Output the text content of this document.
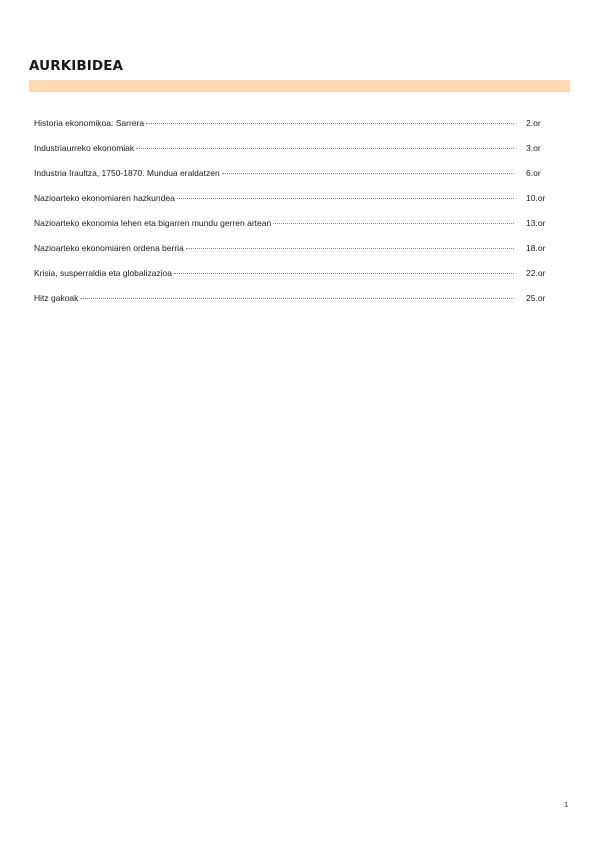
AURKIBIDEA
Historia ekonomikoa: Sarrera	2.or
Industriaurreko ekonomiak	3.or
Industria Iraultza, 1750-1870. Mundua eraldatzen	6.or
Nazioarteko ekonomiaren hazkundea	10.or
Nazioarteko ekonomia lehen eta bigarren mundu gerren artean	13.or
Nazioarteko ekonomiaren ordena berria	18.or
Krisia, susperraldia eta globalizazioa	22.or
Hitz gakoak	25.or
1
